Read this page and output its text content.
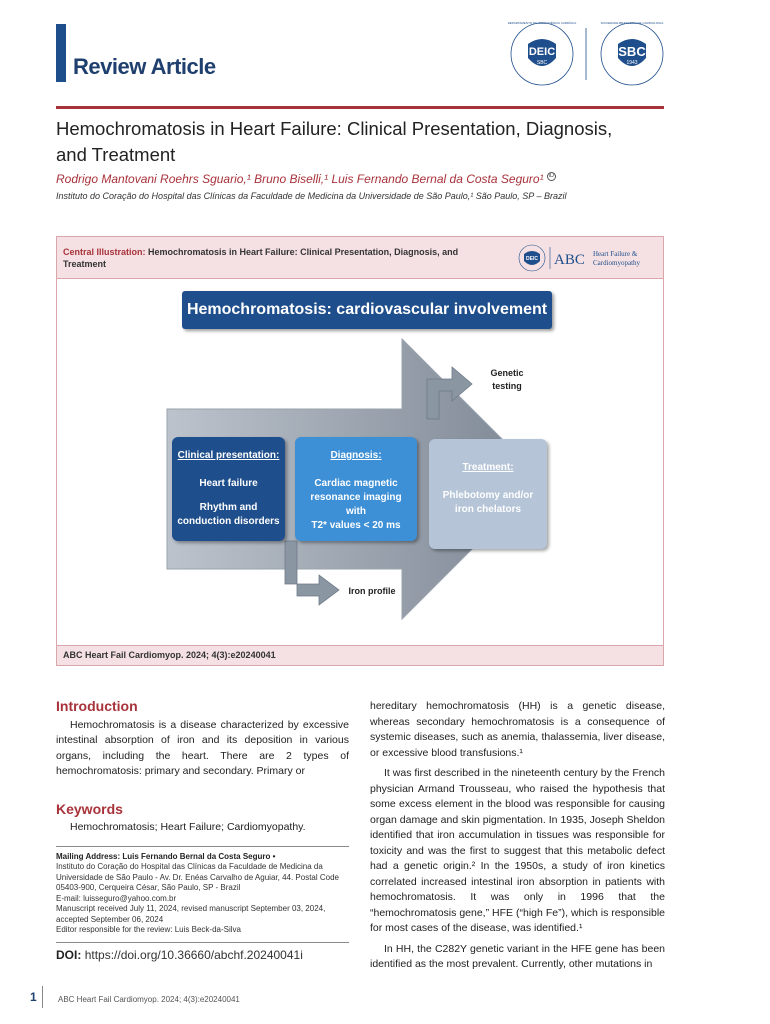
Review Article
DEIC
SBC
DEPARTAMENTO DE INSUFICIÊNCIA CARDÍACA
SBC
1943
SOCIEDADE BRASILEIRA DE CARDIOLOGIA
Hemochromatosis in Heart Failure: Clinical Presentation, Diagnosis,
and Treatment
Rodrigo Mantovani Roehrs Sguario,¹ Bruno Biselli,¹ Luis Fernando Bernal da Costa Seguro¹ iD
Instituto do Coração do Hospital das Clínicas da Faculdade de Medicina da Universidade de São Paulo,¹ São Paulo, SP – Brazil
Central Illustration: Hemochromatosis in Heart Failure: Clinical Presentation, Diagnosis, and Treatment	DEIC ABC Heart Failure &
Cardiomyopathy
Hemochromatosis: cardiovascular involvement
Clinical presentation:
Heart failure
Rhythm and
conduction disorders
Diagnosis:
Cardiac magnetic
resonance imaging
with
T2* values < 20 ms
Treatment:
Phlebotomy and/or
iron chelators
Genetic
testing
Iron profile
ABC Heart Fail Cardiomyop. 2024; 4(3):e20240041
Introduction

Hemochromatosis is a disease characterized by excessive intestinal absorption of iron and its deposition in various organs, including the heart. There are 2 types of hemochromatosis: primary and secondary. Primary or

Keywords

Hemochromatosis; Heart Failure; Cardiomyopathy.

Mailing Address: Luis Fernando Bernal da Costa Seguro •
Instituto do Coração do Hospital das Clínicas da Faculdade de Medicina da Universidade de São Paulo - Av. Dr. Enéas Carvalho de Aguiar, 44. Postal Code 05403-900, Cerqueira César, São Paulo, SP - Brazil
E-mail: luisseguro@yahoo.com.br
Manuscript received July 11, 2024, revised manuscript September 03, 2024, accepted September 06, 2024
Editor responsible for the review: Luis Beck-da-Silva
DOI: https://doi.org/10.36660/abchf.20240041i

hereditary hemochromatosis (HH) is a genetic disease, whereas secondary hemochromatosis is a consequence of systemic diseases, such as anemia, thalassemia, liver disease, or excessive blood transfusions.¹

It was first described in the nineteenth century by the French physician Armand Trousseau, who raised the hypothesis that some excess element in the blood was responsible for causing organ damage and skin pigmentation. In 1935, Joseph Sheldon identified that iron accumulation in tissues was responsible for toxicity and was the first to suggest that this metabolic defect had a genetic origin.² In the 1950s, a study of iron kinetics correlated increased intestinal iron absorption in patients with hemochromatosis. It was only in 1996 that the “hemochromatosis gene,” HFE (“high Fe”), which is responsible for most cases of the disease, was identified.¹

In HH, the C282Y genetic variant in the HFE gene has been identified as the most prevalent. Currently, other mutations in

1	ABC Heart Fail Cardiomyop. 2024; 4(3):e20240041
